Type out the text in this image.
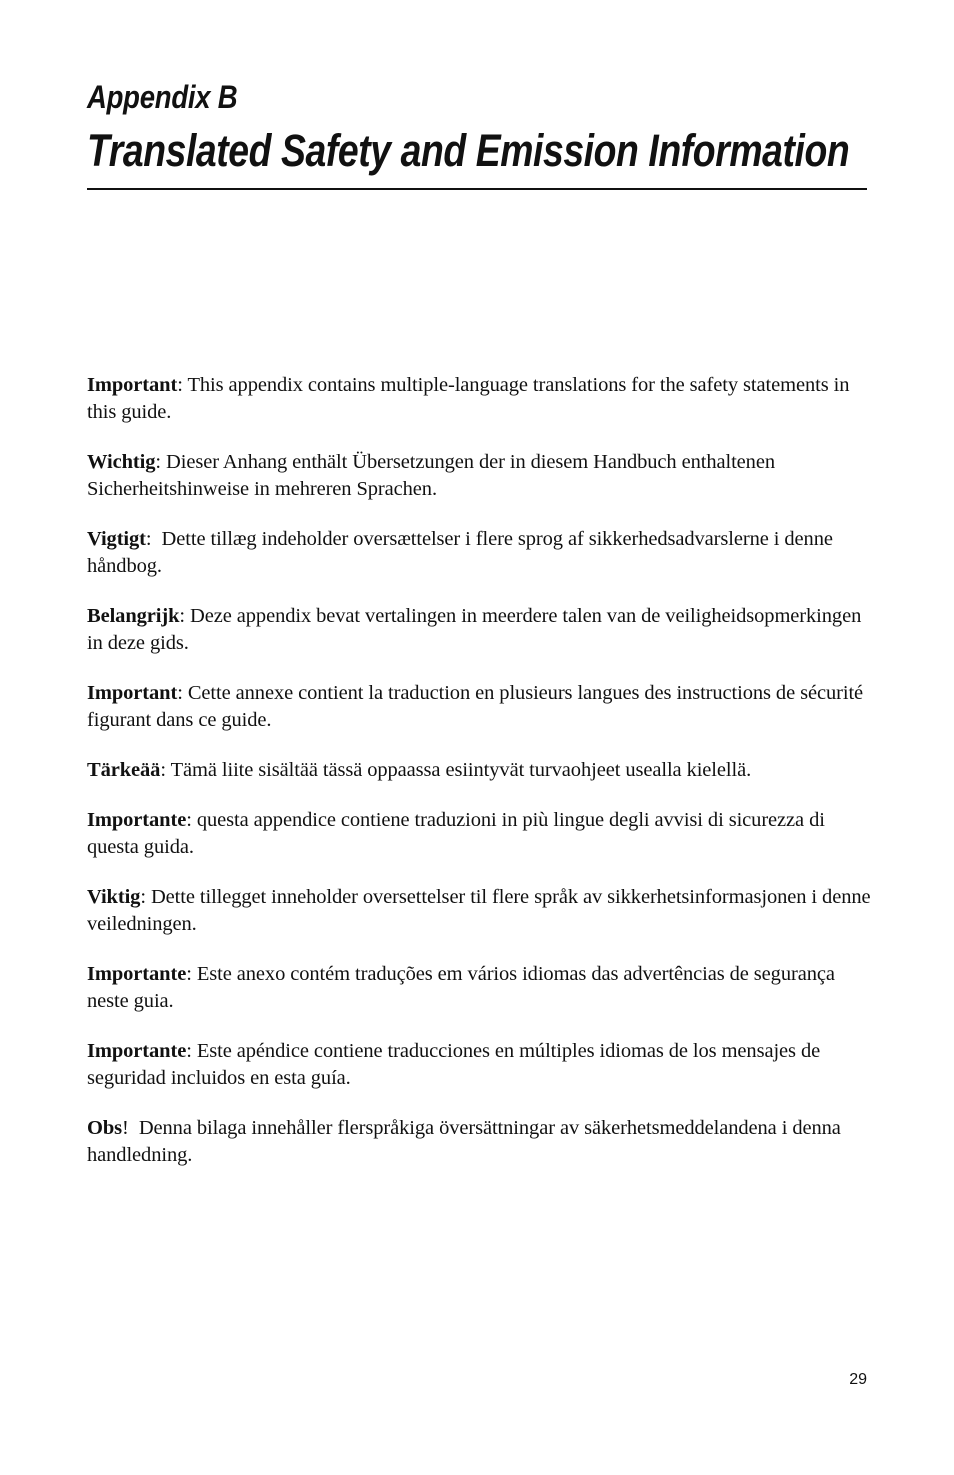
Appendix B
Translated Safety and Emission Information

Important: This appendix contains multiple-language translations for the safety statements in this guide.

Wichtig: Dieser Anhang enthält Übersetzungen der in diesem Handbuch enthaltenen Sicherheitshinweise in mehreren Sprachen.

Vigtigt:  Dette tillæg indeholder oversættelser i flere sprog af sikkerhedsadvarslerne i denne håndbog.

Belangrijk: Deze appendix bevat vertalingen in meerdere talen van de veiligheidsopmerkingen in deze gids.

Important: Cette annexe contient la traduction en plusieurs langues des instructions de sécurité figurant dans ce guide.

Tärkeää: Tämä liite sisältää tässä oppaassa esiintyvät turvaohjeet usealla kielellä.

Importante: questa appendice contiene traduzioni in più lingue degli avvisi di sicurezza di questa guida.

Viktig: Dette tillegget inneholder oversettelser til flere språk av sikkerhetsinformasjonen i denne veiledningen.

Importante: Este anexo contém traduções em vários idiomas das advertências de segurança neste guia.

Importante: Este apéndice contiene traducciones en múltiples idiomas de los mensajes de seguridad incluidos en esta guía.

Obs!  Denna bilaga innehåller flerspråkiga översättningar av säkerhetsmeddelandena i denna handledning.

29
